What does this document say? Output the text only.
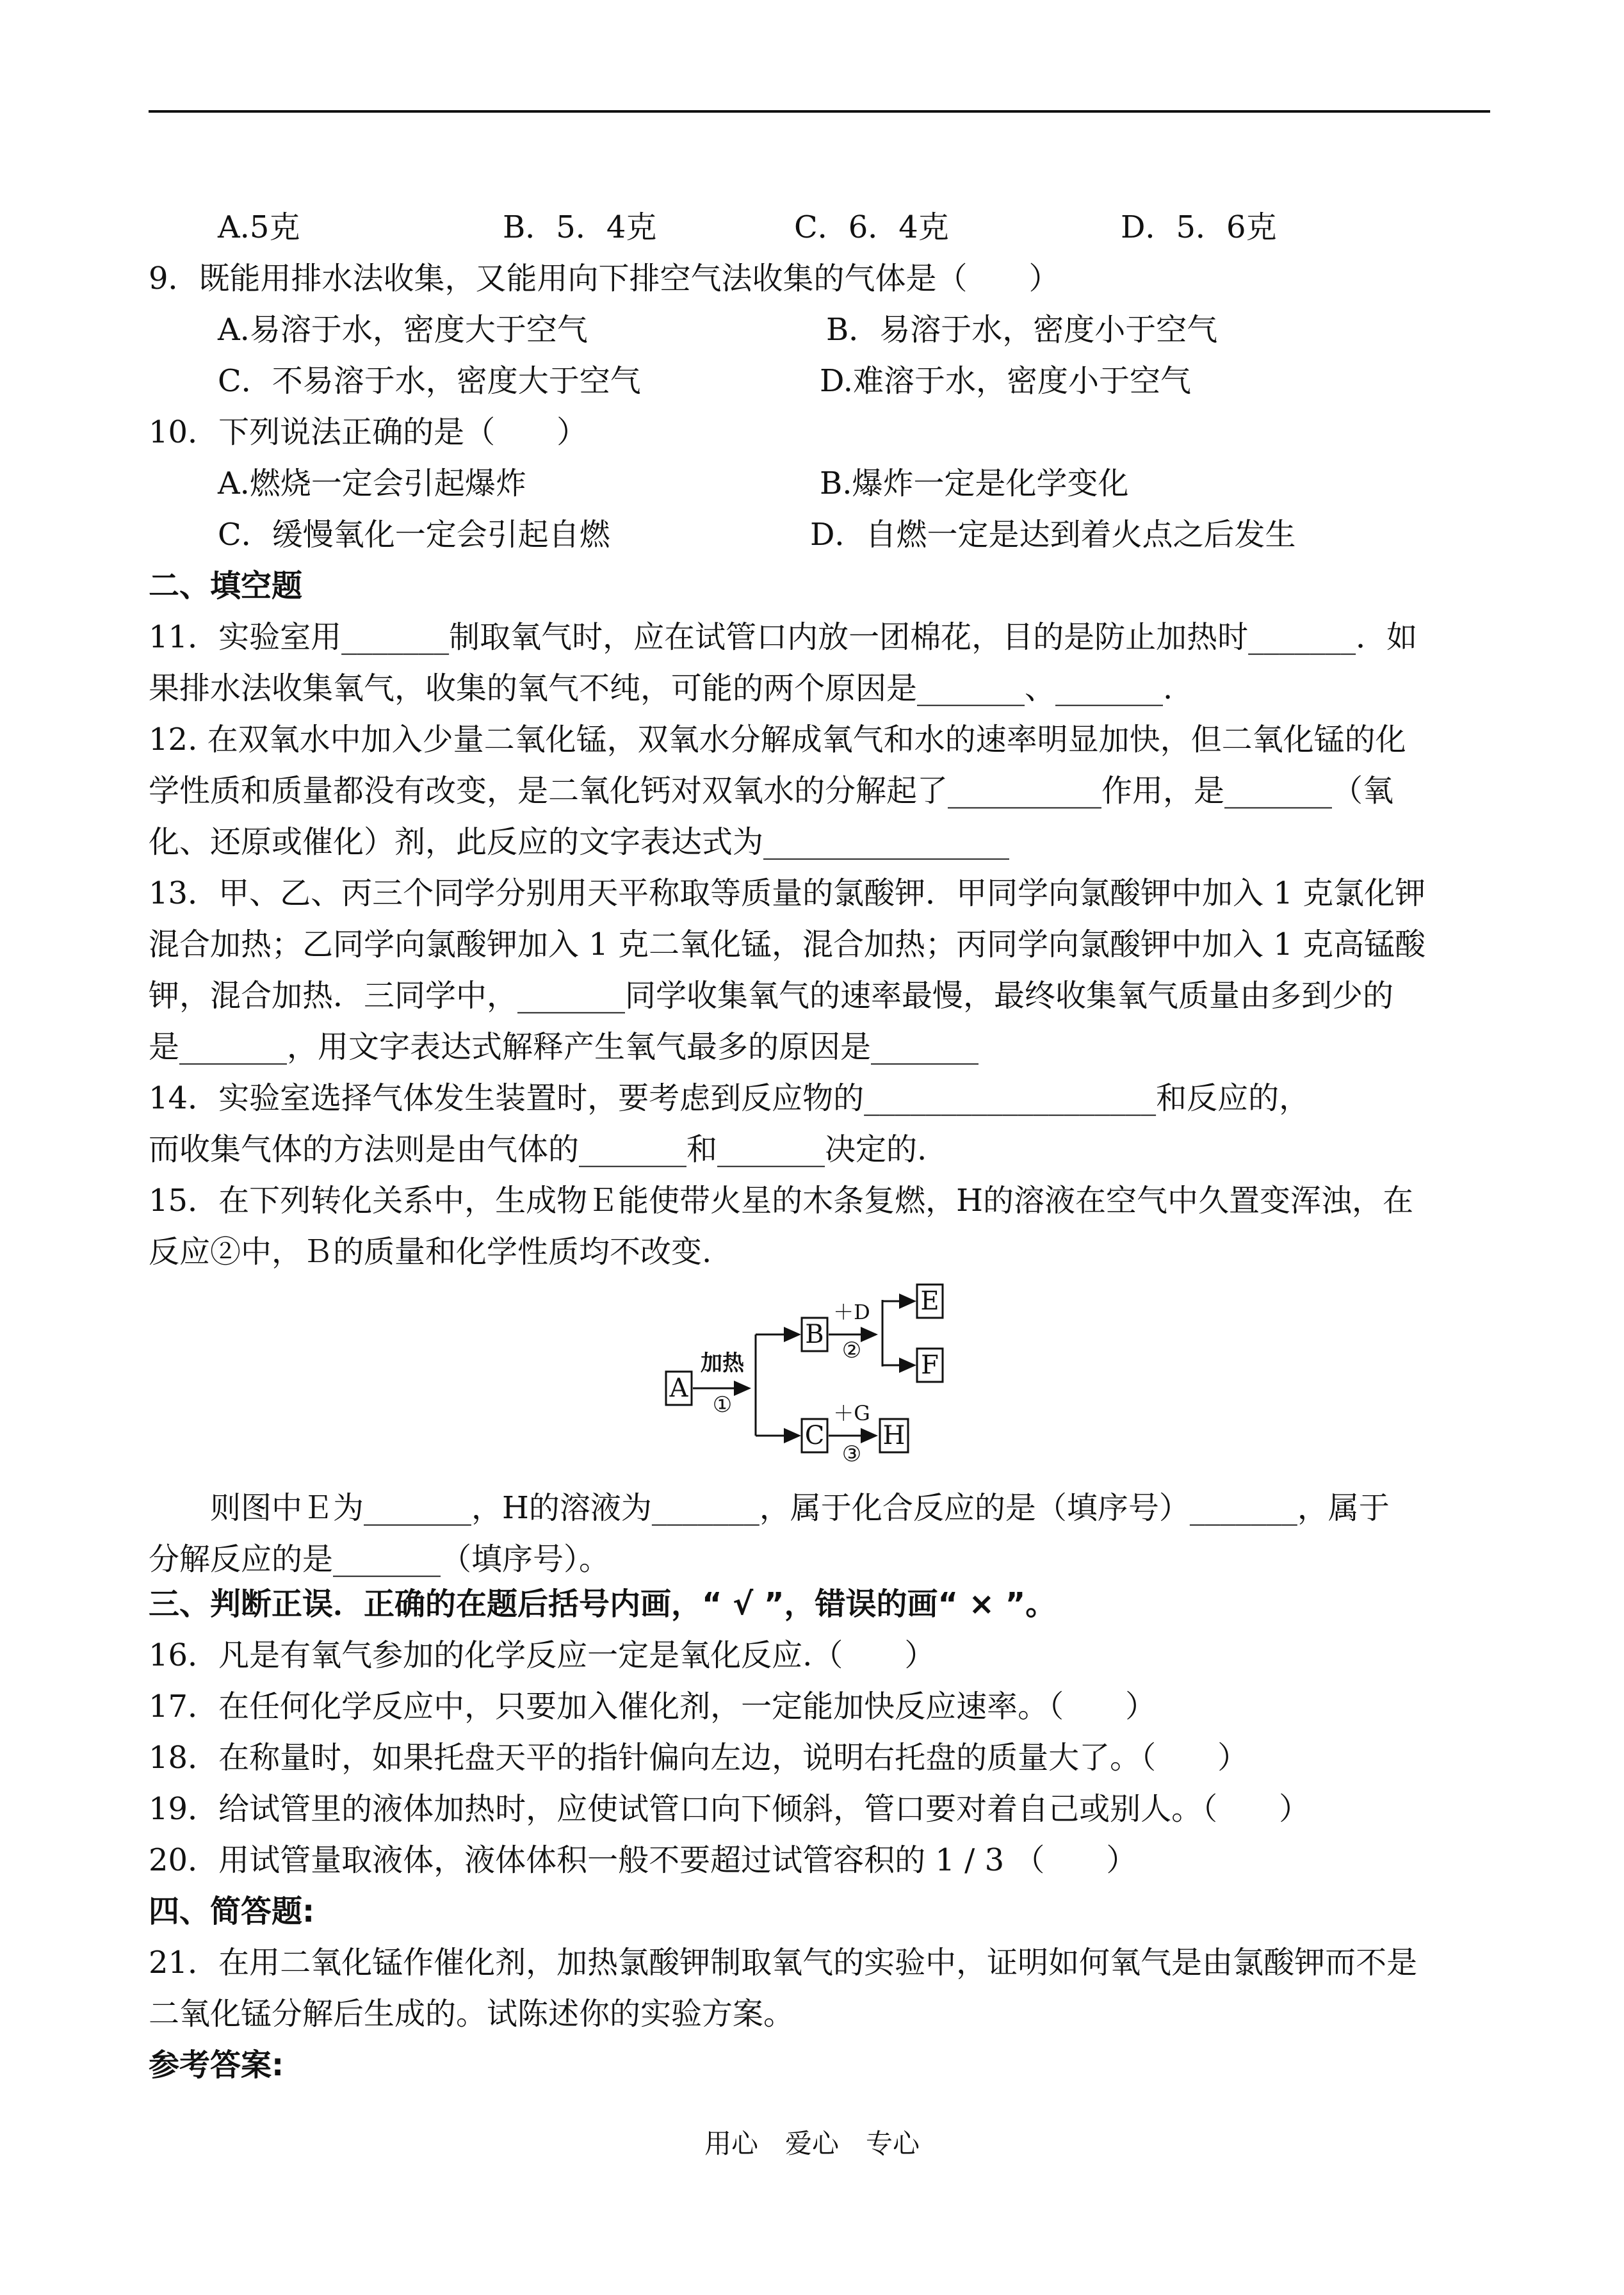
A.5克	B．5．4克	C．6．4克	D．5．6克
9．既能用排水法收集，又能用向下排空气法收集的气体是（　　）
A.易溶于水，密度大于空气	B．易溶于水，密度小于空气
C．不易溶于水，密度大于空气	D.难溶于水，密度小于空气
10．下列说法正确的是（　　）
A.燃烧一定会引起爆炸	B.爆炸一定是化学变化
C．缓慢氧化一定会引起自燃	D．自燃一定是达到着火点之后发生
二、填空题
11．实验室用_______制取氧气时，应在试管口内放一团棉花，目的是防止加热时_______．如
果排水法收集氧气，收集的氧气不纯，可能的两个原因是_______、_______.
12. 在双氧水中加入少量二氧化锰，双氧水分解成氧气和水的速率明显加快，但二氧化锰的化
学性质和质量都没有改变，是二氧化钙对双氧水的分解起了__________作用，是_______（氧
化、还原或催化）剂，此反应的文字表达式为________________
13．甲、乙、丙三个同学分别用天平称取等质量的氯酸钾．甲同学向氯酸钾中加入 1 克氯化钾
混合加热；乙同学向氯酸钾加入 1 克二氧化锰，混合加热；丙同学向氯酸钾中加入 1 克高锰酸
钾，混合加热．三同学中，_______同学收集氧气的速率最慢，最终收集氧气质量由多到少的
是_______，用文字表达式解释产生氧气最多的原因是_______
14．实验室选择气体发生装置时，要考虑到反应物的___________________和反应的，
而收集气体的方法则是由气体的_______和_______决定的.
15．在下列转化关系中，生成物Ｅ能使带火星的木条复燃，H的溶液在空气中久置变浑浊，在
反应②中，Ｂ的质量和化学性质均不改变.
A
加热
①
B
C
＋D
②
E
F
＋G
③
H
　　则图中Ｅ为_______，H的溶液为_______，属于化合反应的是（填序号）_______，属于
分解反应的是_______（填序号）。
三、判断正误．正确的在题后括号内画，“ √ ”，错误的画“ × ”。
16．凡是有氧气参加的化学反应一定是氧化反应.（　　）
17．在任何化学反应中，只要加入催化剂，一定能加快反应速率。（　　）
18．在称量时，如果托盘天平的指针偏向左边，说明右托盘的质量大了。（　　）
19．给试管里的液体加热时，应使试管口向下倾斜，管口要对着自己或别人。（　　）
20．用试管量取液体，液体体积一般不要超过试管容积的 1 / 3 （　　）
四、简答题:
21．在用二氧化锰作催化剂，加热氯酸钾制取氧气的实验中，证明如何氧气是由氯酸钾而不是
二氧化锰分解后生成的。试陈述你的实验方案。
参考答案:
用心　爱心　专心
